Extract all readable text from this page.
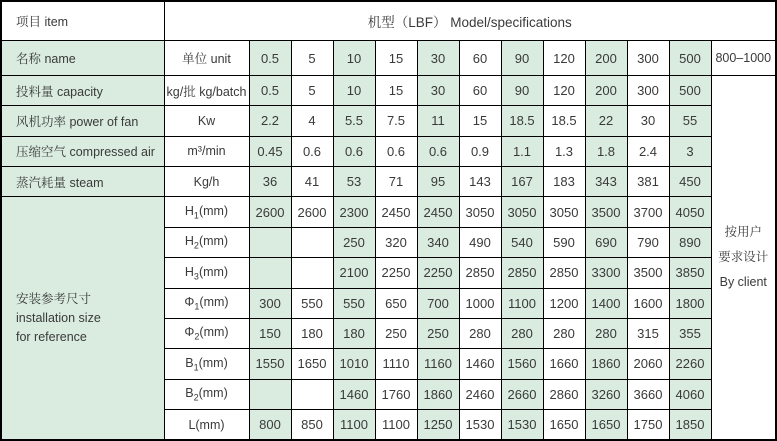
项目 item	机型（LBF） Model/specifications												
名称 name	单位 unit	0.5	5	10	15	30	60	90	120	200	300	500	800–1000
投料量 capacity	kg/批 kg/batch	0.5	5	10	15	30	60	90	120	200	300	500	按用户
要求设计
By client
风机功率 power of fan	Kw	2.2	4	5.5	7.5	11	15	18.5	18.5	22	30	55	
压缩空气 compressed air	m³/min	0.45	0.6	0.6	0.6	0.6	0.9	1.1	1.3	1.8	2.4	3	
蒸汽耗量 steam	Kg/h	36	41	53	71	95	143	167	183	343	381	450	
安装参考尺寸
installation size
for reference	$H_1(mm)$	2600	2600	2300	2450	2450	3050	3050	3050	3500	3700	4050	
	$H_2(mm)$			250	320	340	490	540	590	690	790	890	
	$H_3(mm)$			2100	2250	2250	2850	2850	2850	3300	3500	3850	
	$\Phi_1(mm)$	300	550	550	650	700	1000	1100	1200	1400	1600	1800	
	$\Phi_2(mm)$	150	180	180	250	250	280	280	280	280	315	355	
	$B_1(mm)$	1550	1650	1010	1110	1160	1460	1560	1660	1860	2060	2260	
	$B_2(mm)$			1460	1760	1860	2460	2660	2860	3260	3660	4060	
	L(mm)	800	850	1100	1100	1250	1530	1530	1650	1650	1750	1850	
